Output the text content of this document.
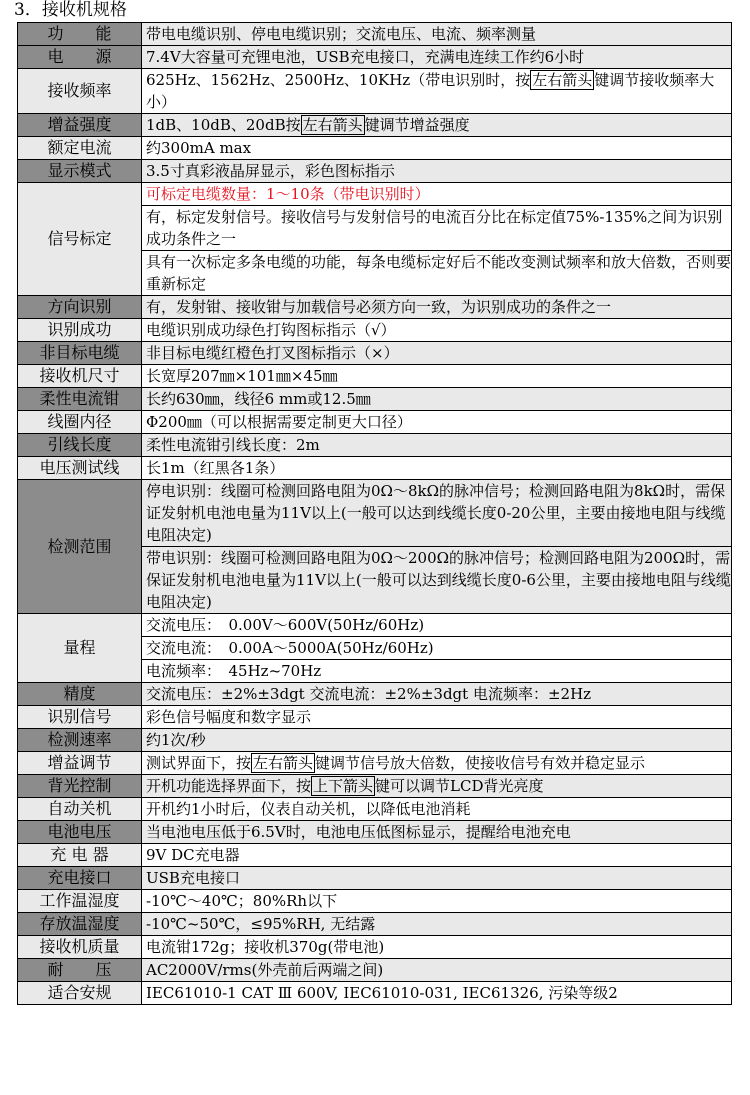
3．接收机规格
功　　能	带电电缆识别、停电电缆识别；交流电压、电流、频率测量
电　　源	7.4V大容量可充锂电池，USB充电接口，充满电连续工作约6小时
接收频率	625Hz、1562Hz、2500Hz、10KHz（带电识别时，按 左右箭头 键调节接收频率大小）
增益强度	1dB、10dB、20dB按 左右箭头 键调节增益强度
额定电流	约300mA max
显示模式	3.5寸真彩液晶屏显示，彩色图标指示
信号标定	可标定电缆数量：1～10条（带电识别时）
	有，标定发射信号。接收信号与发射信号的电流百分比在标定值75%-135%之间为识别成功条件之一
	具有一次标定多条电缆的功能，每条电缆标定好后不能改变测试频率和放大倍数，否则要重新标定
方向识别	有，发射钳、接收钳与加载信号必须方向一致，为识别成功的条件之一
识别成功	电缆识别成功绿色打钩图标指示（√）
非目标电缆	非目标电缆红橙色打叉图标指示（×）
接收机尺寸	长宽厚207㎜×101㎜×45㎜
柔性电流钳	长约630㎜，线径6 mm或12.5㎜
线圈内径	Φ200㎜（可以根据需要定制更大口径）
引线长度	柔性电流钳引线长度：2m
电压测试线	长1m（红黑各1条）
检测范围	停电识别：线圈可检测回路电阻为0Ω～8kΩ的脉冲信号；检测回路电阻为8kΩ时，需保证发射机电池电量为11V以上(一般可以达到线缆长度0-20公里，主要由接地电阻与线缆电阻决定)
	带电识别：线圈可检测回路电阻为0Ω～200Ω的脉冲信号；检测回路电阻为200Ω时，需保证发射机电池电量为11V以上(一般可以达到线缆长度0-6公里，主要由接地电阻与线缆电阻决定)
量程	交流电压：　0.00V～600V(50Hz/60Hz)
	交流电流：　0.00A～5000A(50Hz/60Hz)
	电流频率：　45Hz~70Hz
精度	交流电压：±2%±3dgt 交流电流：±2%±3dgt 电流频率：±2Hz
识别信号	彩色信号幅度和数字显示
检测速率	约1次/秒
增益调节	测试界面下，按 左右箭头 键调节信号放大倍数，使接收信号有效并稳定显示
背光控制	开机功能选择界面下，按 上下箭头 键可以调节LCD背光亮度
自动关机	开机约1小时后，仪表自动关机，以降低电池消耗
电池电压	当电池电压低于6.5V时，电池电压低图标显示，提醒给电池充电
充 电 器	9V DC充电器
充电接口	USB充电接口
工作温湿度	-10℃～40℃；80%Rh以下
存放温湿度	-10℃~50℃，≤95%RH, 无结露
接收机质量	电流钳172g；接收机370g(带电池)
耐　　压	AC2000V/rms(外壳前后两端之间)
适合安规	IEC61010-1 CAT Ⅲ 600V, IEC61010-031, IEC61326, 污染等级2
